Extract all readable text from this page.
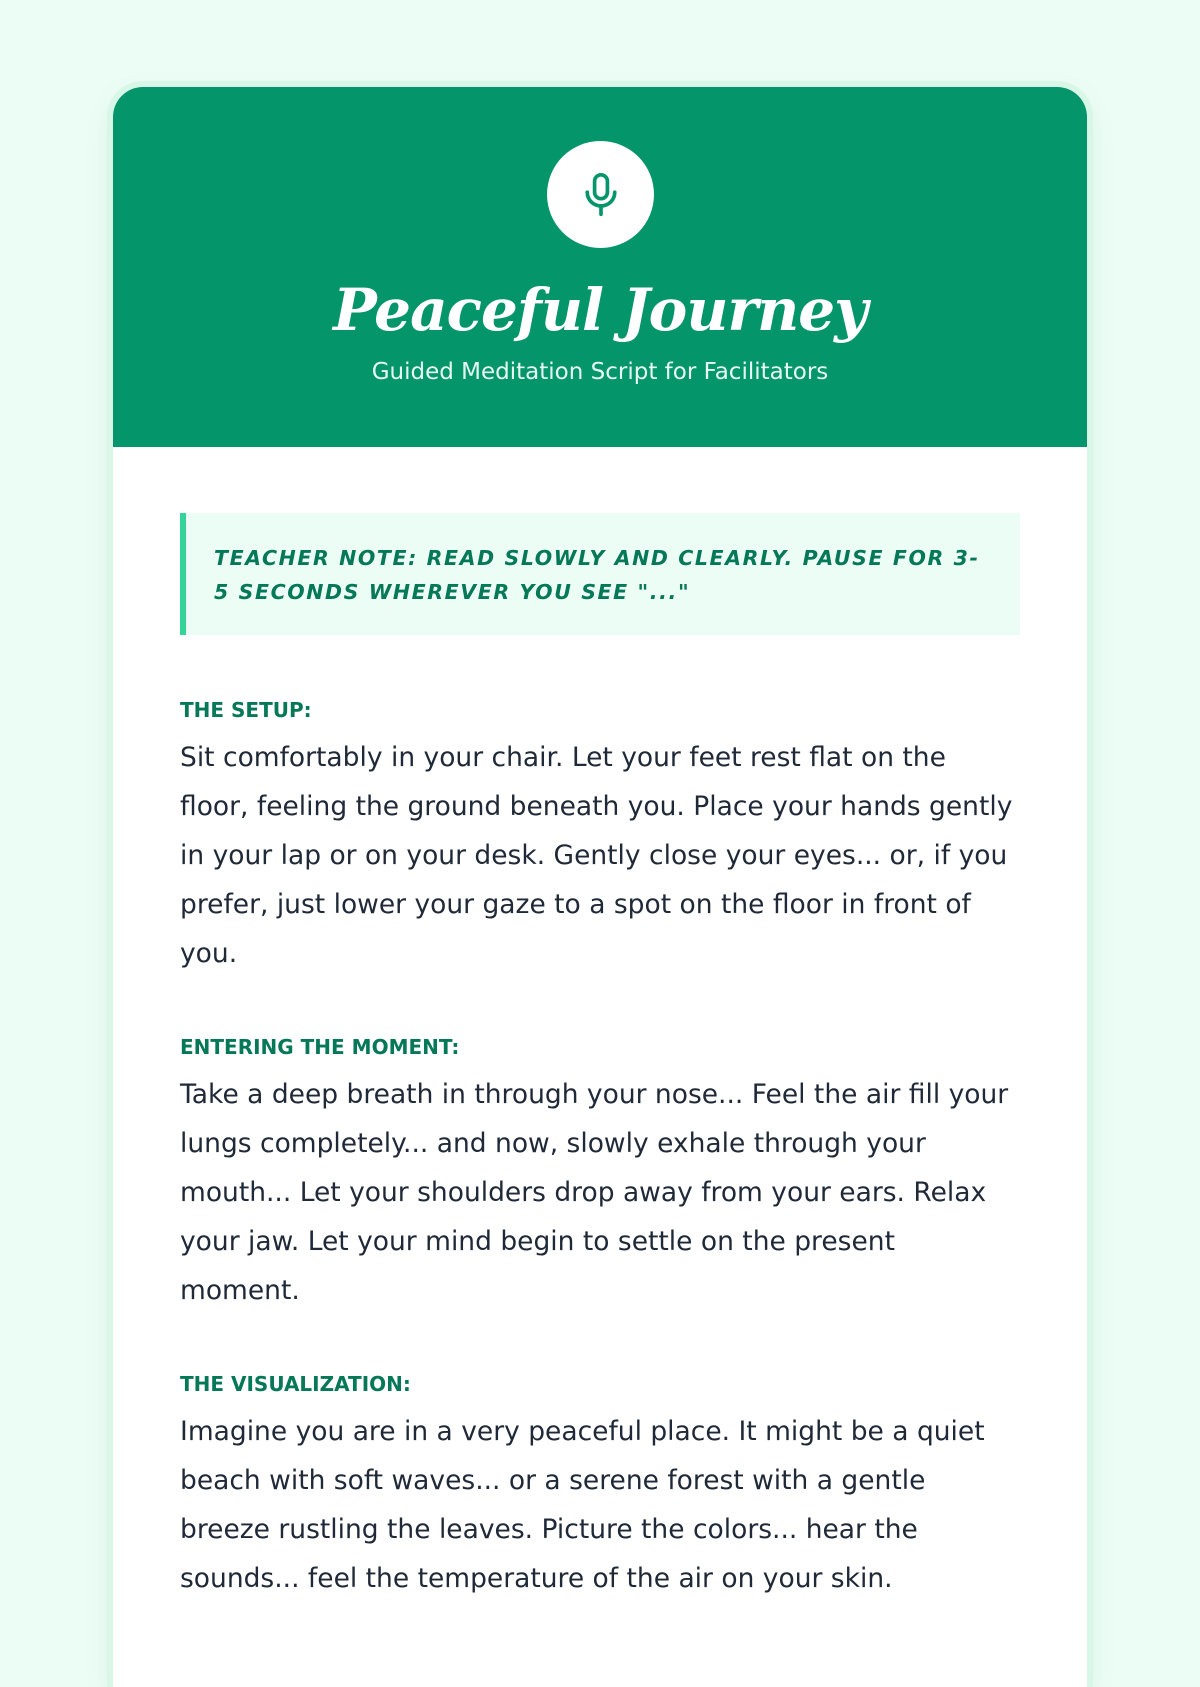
Peaceful Journey
Guided Meditation Script for Facilitators
TEACHER NOTE: READ SLOWLY AND CLEARLY. PAUSE FOR 3-5 SECONDS WHEREVER YOU SEE "..."
THE SETUP:

Sit comfortably in your chair. Let your feet rest flat on the floor, feeling the ground beneath you. Place your hands gently in your lap or on your desk. Gently close your eyes... or, if you prefer, just lower your gaze to a spot on the floor in front of you.

ENTERING THE MOMENT:

Take a deep breath in through your nose... Feel the air fill your lungs completely... and now, slowly exhale through your mouth... Let your shoulders drop away from your ears. Relax your jaw. Let your mind begin to settle on the present moment.

THE VISUALIZATION:

Imagine you are in a very peaceful place. It might be a quiet beach with soft waves... or a serene forest with a gentle breeze rustling the leaves. Picture the colors... hear the sounds... feel the temperature of the air on your skin.
